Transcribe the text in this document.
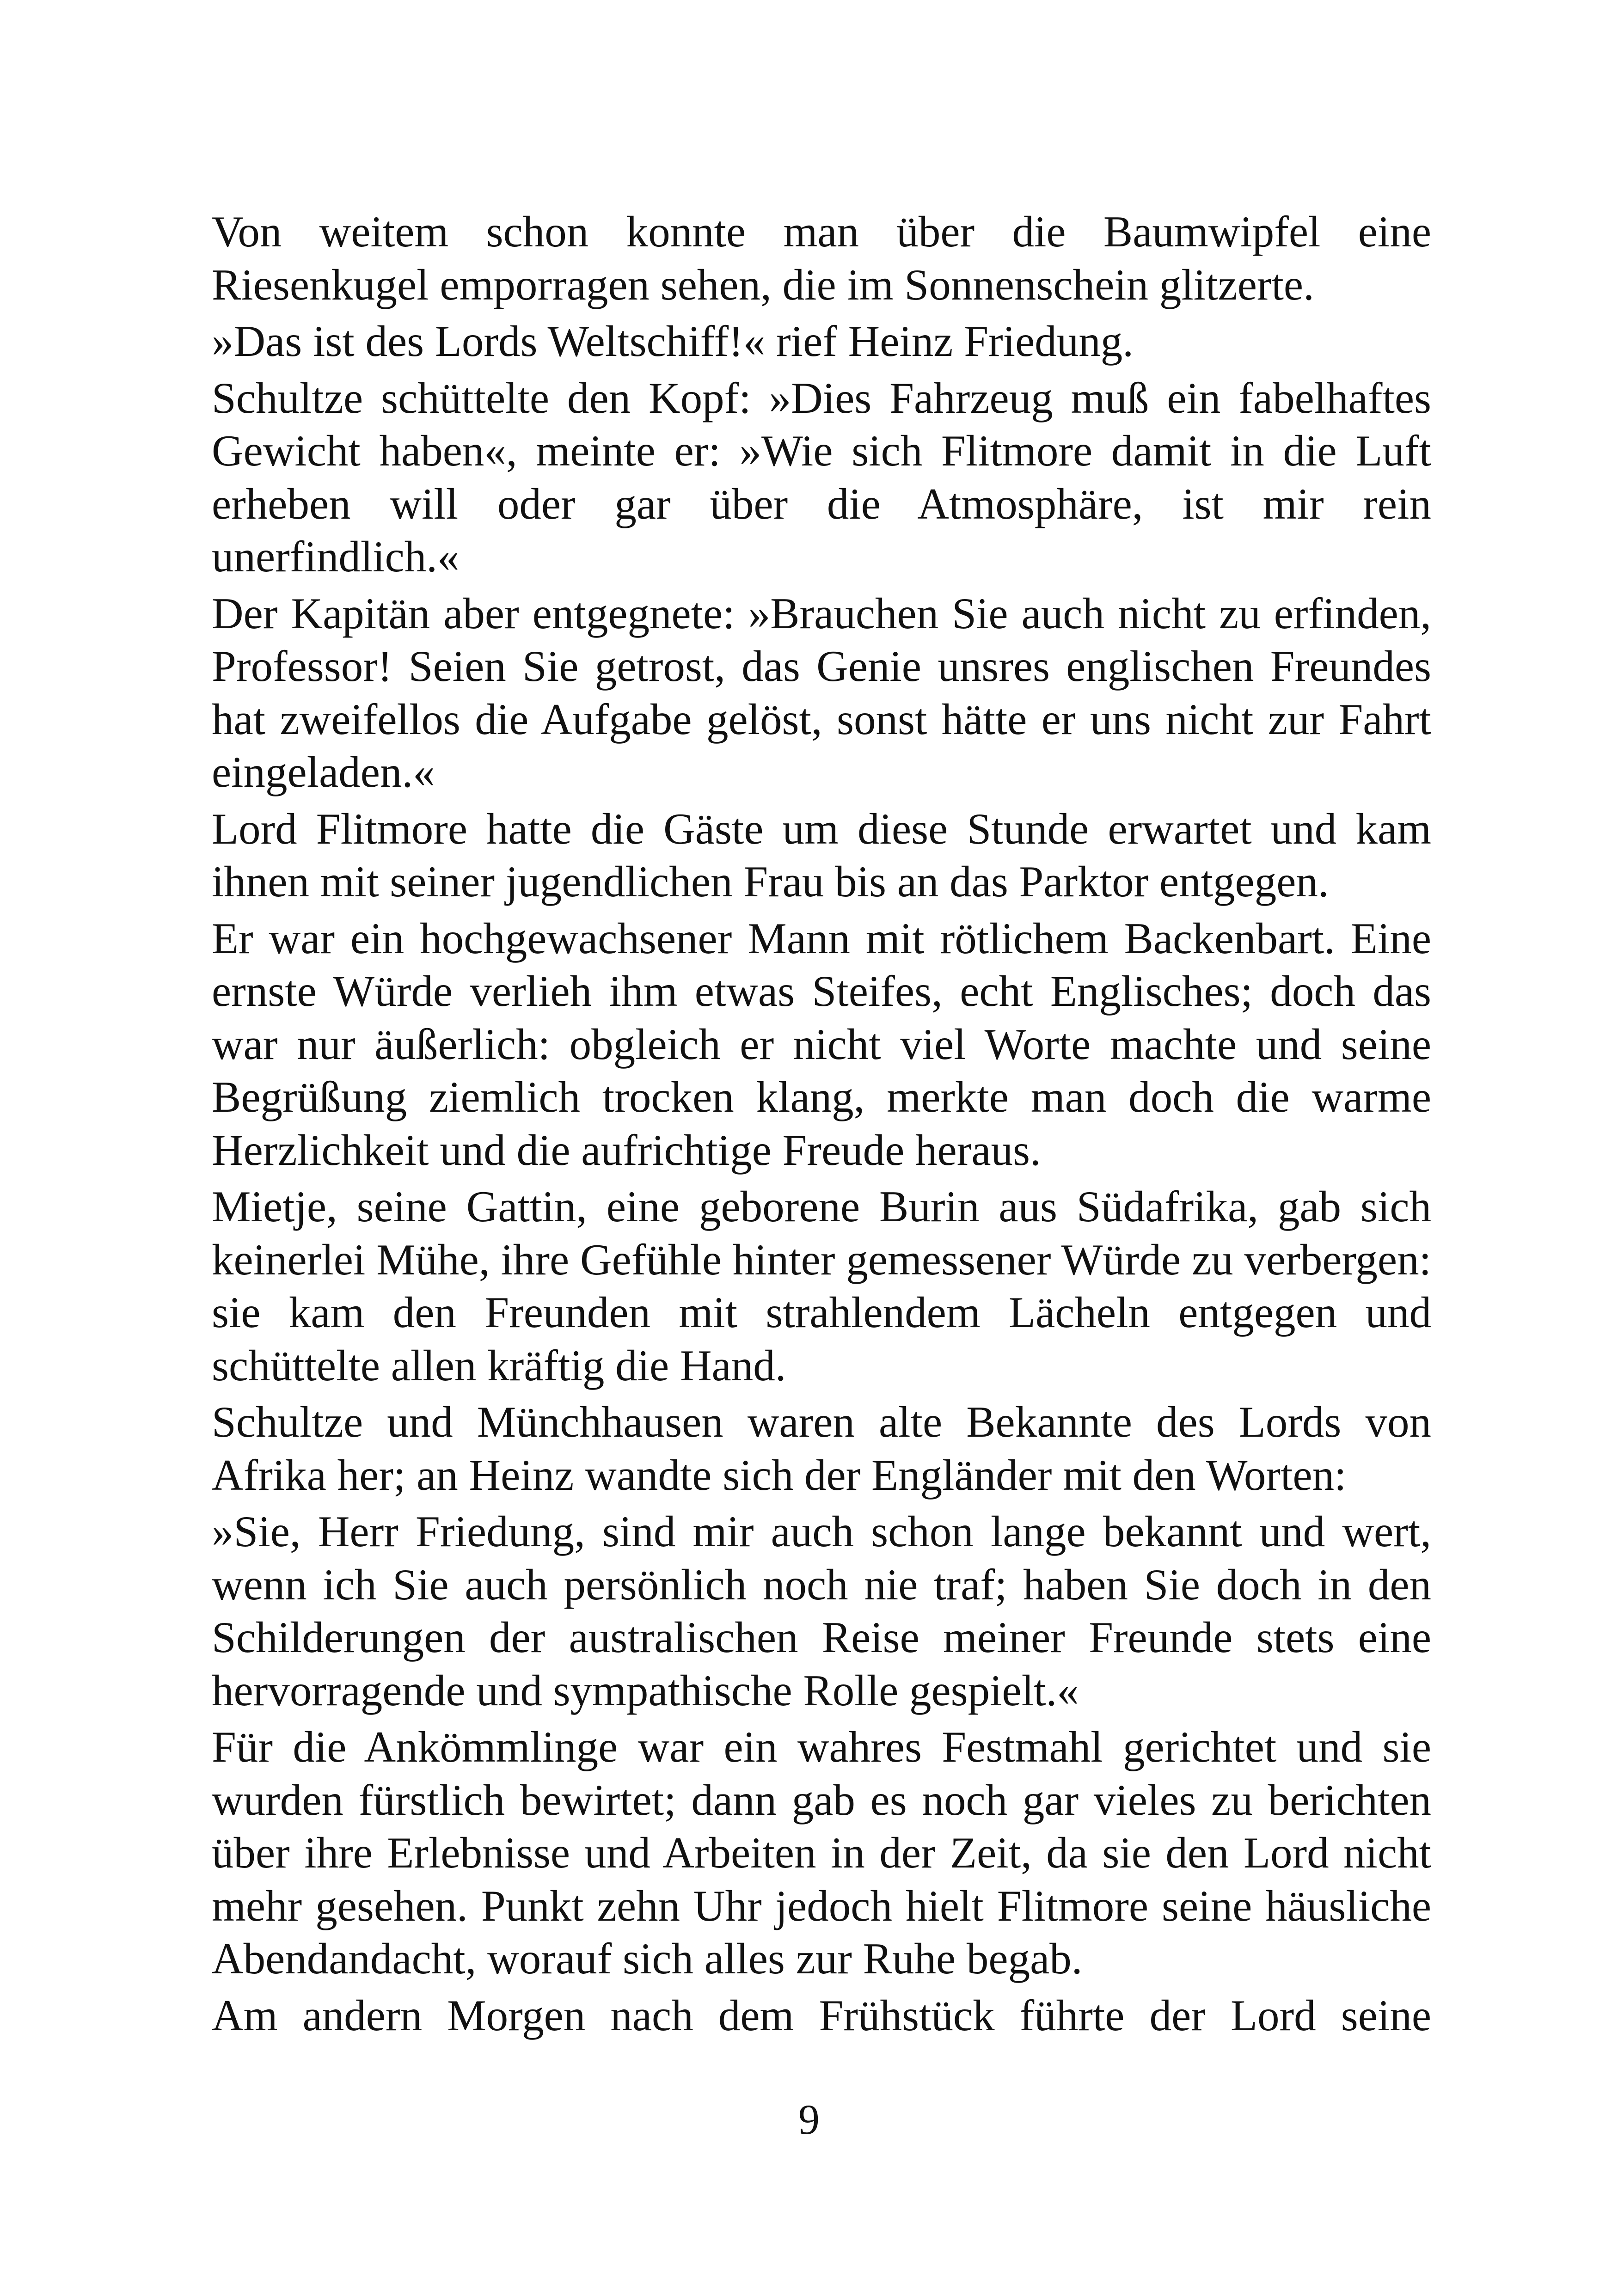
Von weitem schon konnte man über die Baumwipfel eine Riesenkugel emporragen sehen, die im Sonnenschein glitzerte.

»Das ist des Lords Weltschiff!« rief Heinz Friedung.

Schultze schüttelte den Kopf: »Dies Fahrzeug muß ein fabelhaftes Gewicht haben«, meinte er: »Wie sich Flitmore damit in die Luft erheben will oder gar über die Atmosphäre, ist mir rein unerfindlich.«

Der Kapitän aber entgegnete: »Brauchen Sie auch nicht zu erfinden, Professor! Seien Sie getrost, das Genie unsres englischen Freundes hat zweifellos die Aufgabe gelöst, sonst hätte er uns nicht zur Fahrt eingeladen.«

Lord Flitmore hatte die Gäste um diese Stunde erwartet und kam ihnen mit seiner jugendlichen Frau bis an das Parktor entgegen.

Er war ein hochgewachsener Mann mit rötlichem Backenbart. Eine ernste Würde verlieh ihm etwas Steifes, echt Englisches; doch das war nur äußerlich: obgleich er nicht viel Worte machte und seine Begrüßung ziemlich trocken klang, merkte man doch die warme Herzlichkeit und die aufrichtige Freude heraus.

Mietje, seine Gattin, eine geborene Burin aus Südafrika, gab sich keinerlei Mühe, ihre Gefühle hinter gemessener Würde zu verbergen: sie kam den Freunden mit strahlendem Lächeln entgegen und schüttelte allen kräftig die Hand.

Schultze und Münchhausen waren alte Bekannte des Lords von Afrika her; an Heinz wandte sich der Engländer mit den Worten:

»Sie, Herr Friedung, sind mir auch schon lange bekannt und wert, wenn ich Sie auch persönlich noch nie traf; haben Sie doch in den Schilderungen der australischen Reise meiner Freunde stets eine hervorragende und sympathische Rolle gespielt.«

Für die Ankömmlinge war ein wahres Festmahl gerichtet und sie wurden fürstlich bewirtet; dann gab es noch gar vieles zu berichten über ihre Erlebnisse und Arbeiten in der Zeit, da sie den Lord nicht mehr gesehen. Punkt zehn Uhr jedoch hielt Flitmore seine häusliche Abendandacht, worauf sich alles zur Ruhe begab.

Am andern Morgen nach dem Frühstück führte der Lord seine

9
